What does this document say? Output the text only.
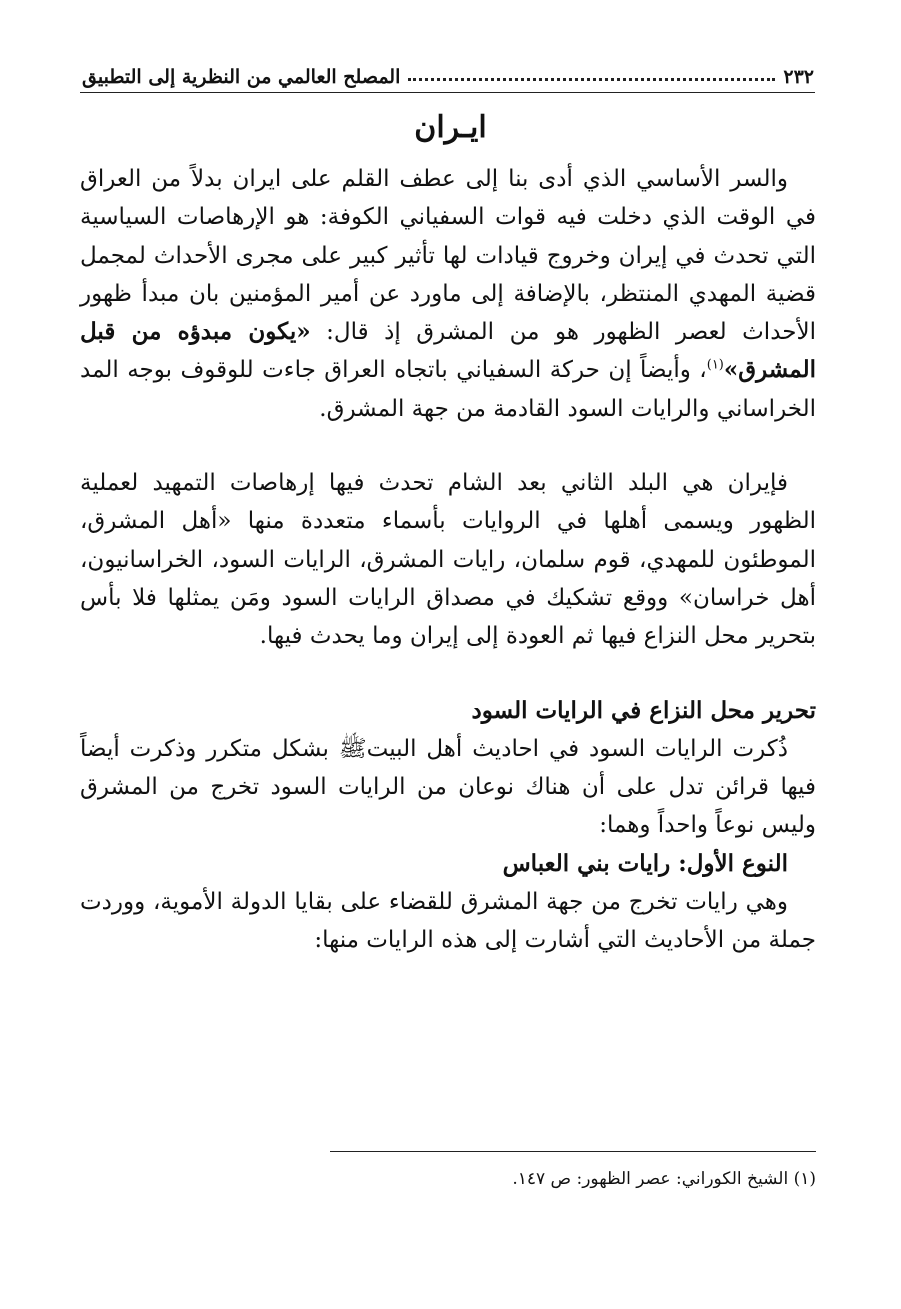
٢٣٢
المصلح العالمي من النظرية إلى التطبيق
ايـران

والسر الأساسي الذي أدى بنا إلى عطف القلم على ايران بدلاً من العراق في الوقت الذي دخلت فيه قوات السفياني الكوفة: هو الإرهاصات السياسية التي تحدث في إيران وخروج قيادات لها تأثير كبير على مجرى الأحداث لمجمل قضية المهدي المنتظر، بالإضافة إلى ماورد عن أمير المؤمنين بان مبدأ ظهور الأحداث لعصر الظهور هو من المشرق إذ قال: «يكون مبدؤه من قبل المشرق»$^{(١)}$، وأيضاً إن حركة السفياني باتجاه العراق جاءت للوقوف بوجه المد الخراساني والرايات السود القادمة من جهة المشرق.

فإيران هي البلد الثاني بعد الشام تحدث فيها إرهاصات التمهيد لعملية الظهور ويسمى أهلها في الروايات بأسماء متعددة منها «أهل المشرق، الموطئون للمهدي، قوم سلمان، رايات المشرق، الرايات السود، الخراسانيون، أهل خراسان» ووقع تشكيك في مصداق الرايات السود ومَن يمثلها فلا بأس بتحرير محل النزاع فيها ثم العودة إلى إيران وما يحدث فيها.

تحرير محل النزاع في الرايات السود

ذُكرت الرايات السود في احاديث أهل البيتﷺ بشكل متكرر وذكرت أيضاً فيها قرائن تدل على أن هناك نوعان من الرايات السود تخرج من المشرق وليس نوعاً واحداً وهما:

النوع الأول: رايات بني العباس

وهي رايات تخرج من جهة المشرق للقضاء على بقايا الدولة الأموية، ووردت جملة من الأحاديث التي أشارت إلى هذه الرايات منها:

(١) الشيخ الكوراني: عصر الظهور: ص ١٤٧.
